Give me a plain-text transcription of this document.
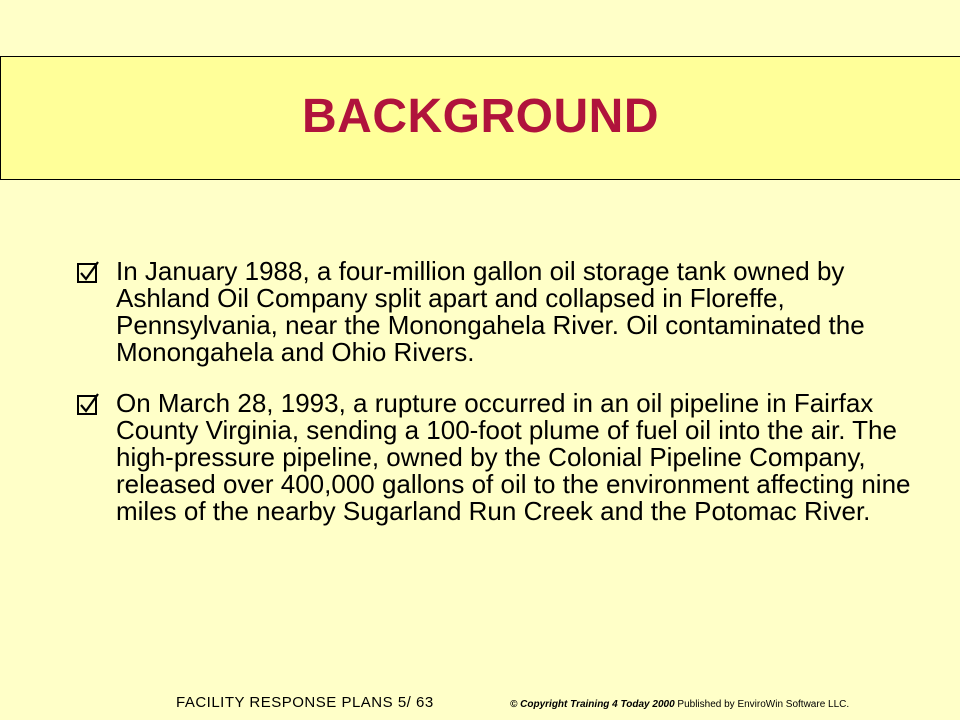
BACKGROUND
In January 1988, a four-million gallon oil storage tank owned by Ashland Oil Company split apart and collapsed in Floreffe, Pennsylvania, near the Monongahela River. Oil contaminated the Monongahela and Ohio Rivers.
On March 28, 1993, a rupture occurred in an oil pipeline in Fairfax County Virginia, sending a 100-foot plume of fuel oil into the air. The high-pressure pipeline, owned by the Colonial Pipeline Company, released over 400,000 gallons of oil to the environment affecting nine miles of the nearby Sugarland Run Creek and the Potomac River.
FACILITY RESPONSE PLANS 5/ 63	© Copyright Training 4 Today 2000 Published by EnviroWin Software LLC.
